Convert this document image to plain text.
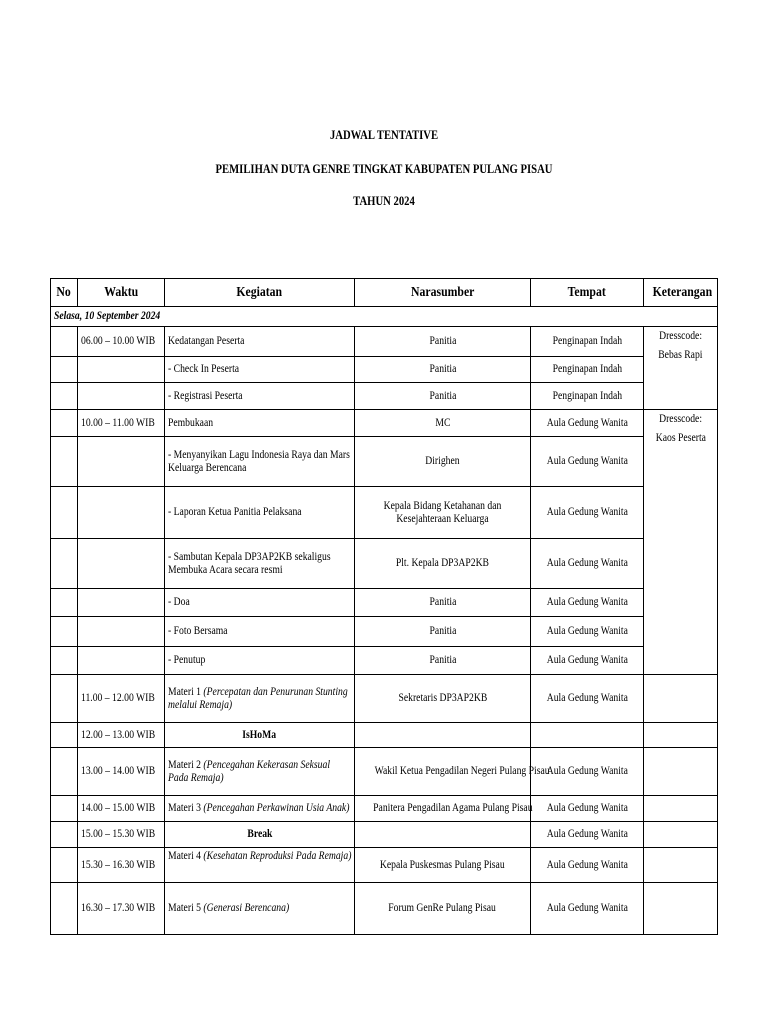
JADWAL TENTATIVE
PEMILIHAN DUTA GENRE TINGKAT KABUPATEN PULANG PISAU
TAHUN 2024
No	Waktu	Kegiatan	Narasumber	Tempat	Keterangan
Selasa, 10 September 2024					
	06.00 – 10.00 WIB	Kedatangan Peserta	Panitia	Penginapan Indah	Dresscode:
Bebas Rapi
		- Check In Peserta	Panitia	Penginapan Indah	
		- Registrasi Peserta	Panitia	Penginapan Indah	
	10.00 – 11.00 WIB	Pembukaan	MC	Aula Gedung Wanita	Dresscode:
Kaos Peserta

		- Menyanyikan Lagu Indonesia Raya dan Mars Keluarga Berencana	Dirighen	Aula Gedung Wanita	
		- Laporan Ketua Panitia Pelaksana	Kepala Bidang Ketahanan dan Kesejahteraan Keluarga	Aula Gedung Wanita	

		- Sambutan Kepala DP3AP2KB sekaligus Membuka Acara secara resmi	Plt. Kepala DP3AP2KB	Aula Gedung Wanita	
		- Doa	Panitia	Aula Gedung Wanita	
		- Foto Bersama	Panitia	Aula Gedung Wanita	
		- Penutup	Panitia	Aula Gedung Wanita	
	11.00 – 12.00 WIB	Materi 1 (Percepatan dan Penurunan Stunting melalui Remaja)	Sekretaris DP3AP2KB	Aula Gedung Wanita	
	12.00 – 13.00 WIB	IsHoMa			
	13.00 – 14.00 WIB	Materi 2 (Pencegahan Kekerasan Seksual Pada Remaja)	Wakil Ketua Pengadilan Negeri Pulang Pisau	Aula Gedung Wanita	
	14.00 – 15.00 WIB	Materi 3 (Pencegahan Perkawinan Usia Anak)	Panitera Pengadilan Agama Pulang Pisau	Aula Gedung Wanita	
	15.00 – 15.30 WIB	Break		Aula Gedung Wanita	
	15.30 – 16.30 WIB	Materi 4 (Kesehatan Reproduksi Pada Remaja)	Kepala Puskesmas Pulang Pisau	Aula Gedung Wanita	
	16.30 – 17.30 WIB	Materi 5 (Generasi Berencana)	Forum GenRe Pulang Pisau	Aula Gedung Wanita	
